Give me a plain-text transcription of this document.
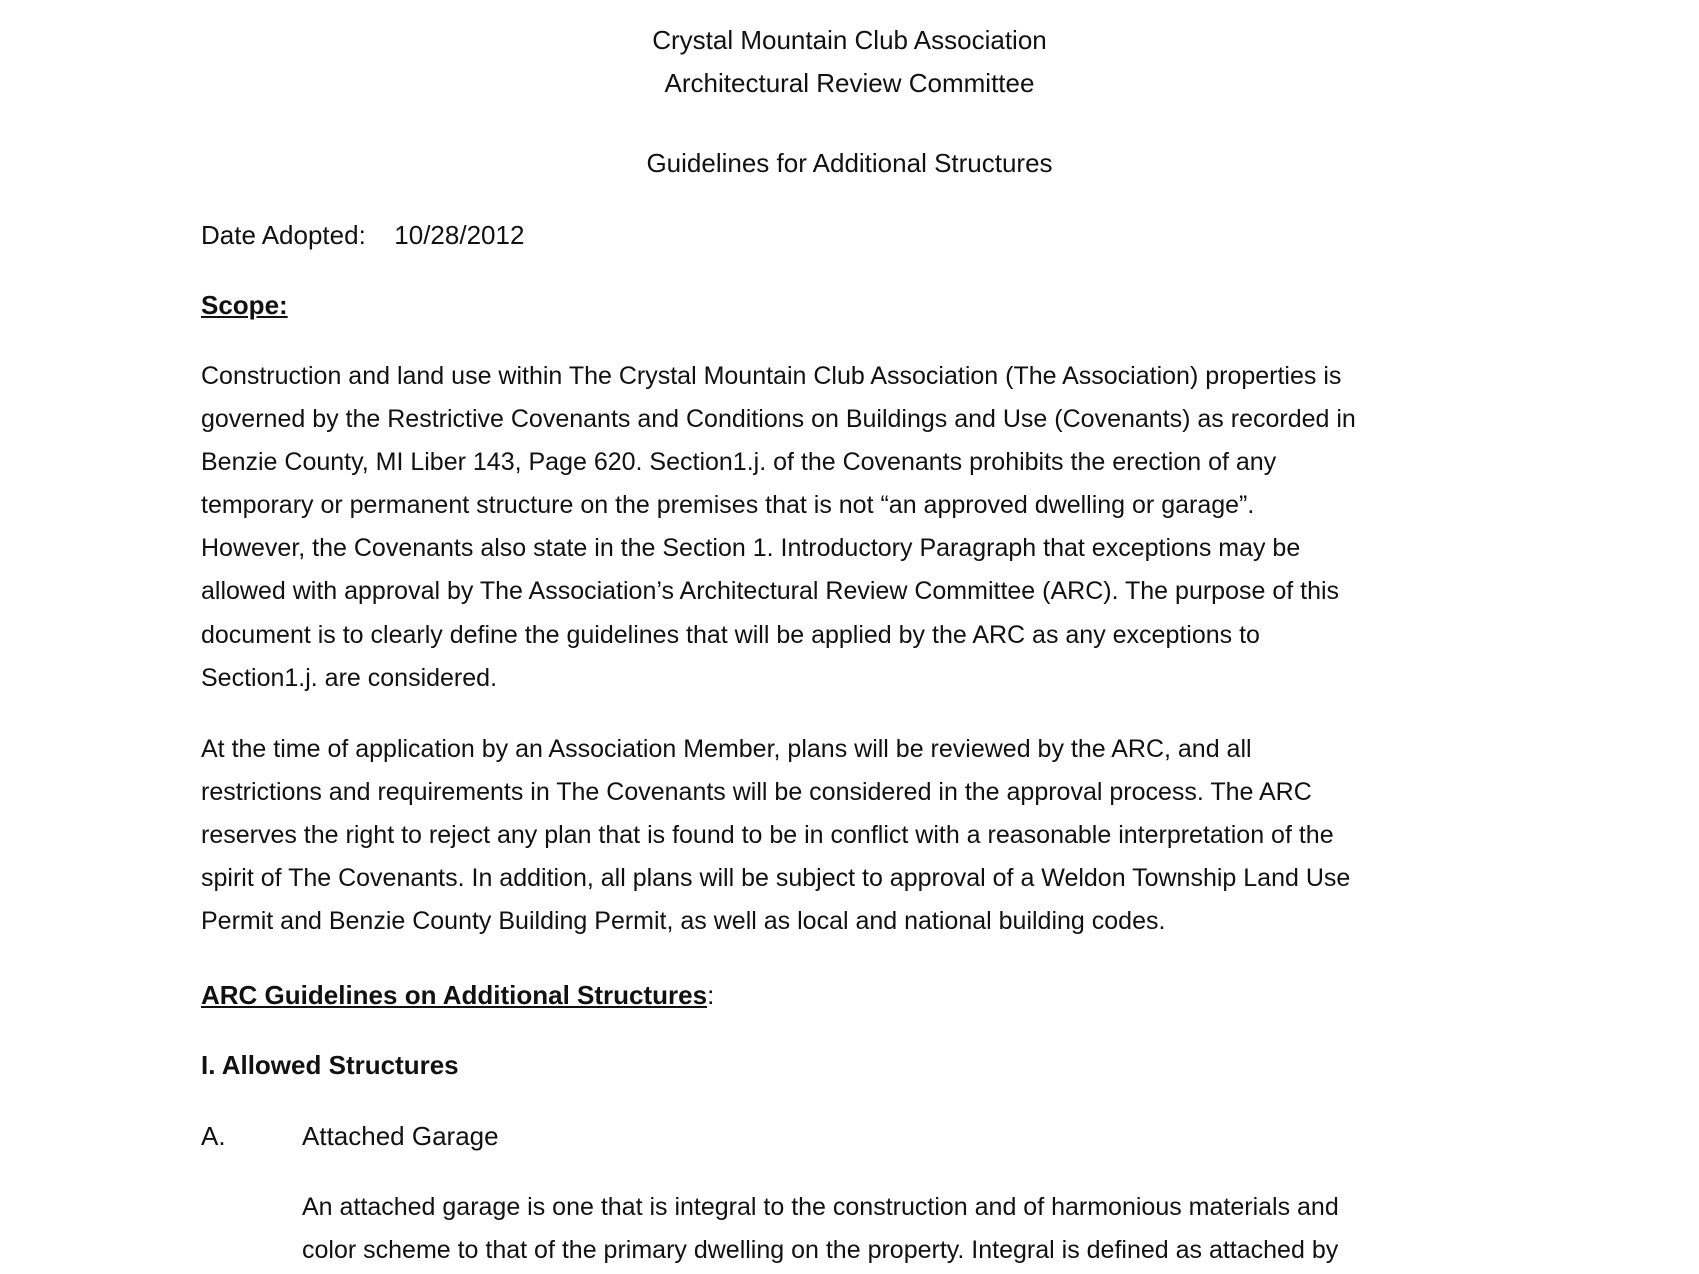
Crystal Mountain Club Association
Architectural Review Committee
Guidelines for Additional Structures
Date Adopted: 10/28/2012
Scope:
Construction and land use within The Crystal Mountain Club Association (The Association) properties is
governed by the Restrictive Covenants and Conditions on Buildings and Use (Covenants) as recorded in
Benzie County, MI Liber 143, Page 620. Section1.j. of the Covenants prohibits the erection of any
temporary or permanent structure on the premises that is not “an approved dwelling or garage”.
However, the Covenants also state in the Section 1. Introductory Paragraph that exceptions may be
allowed with approval by The Association’s Architectural Review Committee (ARC). The purpose of this
document is to clearly define the guidelines that will be applied by the ARC as any exceptions to
Section1.j. are considered.
At the time of application by an Association Member, plans will be reviewed by the ARC, and all
restrictions and requirements in The Covenants will be considered in the approval process. The ARC
reserves the right to reject any plan that is found to be in conflict with a reasonable interpretation of the
spirit of The Covenants. In addition, all plans will be subject to approval of a Weldon Township Land Use
Permit and Benzie County Building Permit, as well as local and national building codes.
ARC Guidelines on Additional Structures:
I. Allowed Structures
A.	Attached Garage
An attached garage is one that is integral to the construction and of harmonious materials and
color scheme to that of the primary dwelling on the property. Integral is defined as attached by
